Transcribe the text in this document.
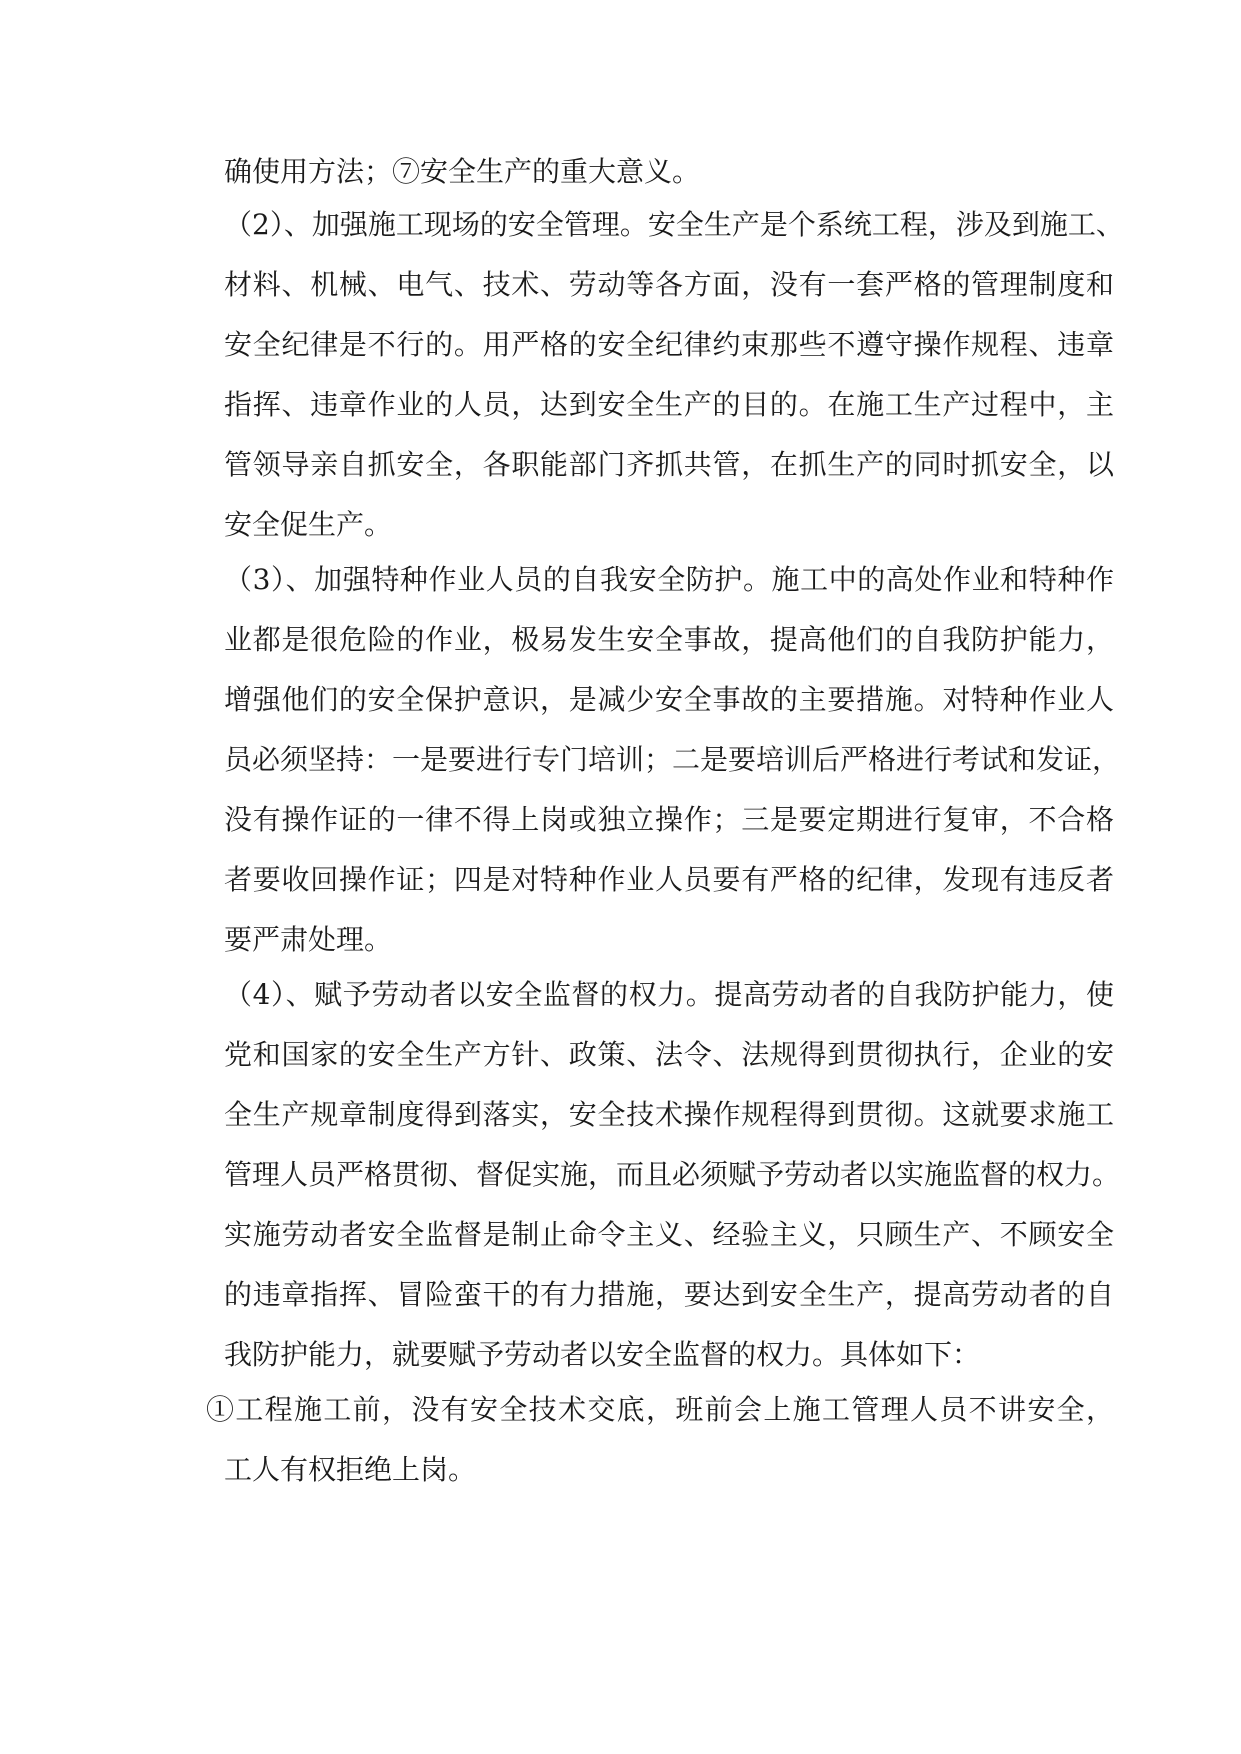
确使用方法；⑦安全生产的重大意义。
（2）、加强施工现场的安全管理。安全生产是个系统工程，涉及到施工、
材料、机械、电气、技术、劳动等各方面，没有一套严格的管理制度和
安全纪律是不行的。用严格的安全纪律约束那些不遵守操作规程、违章
指挥、违章作业的人员，达到安全生产的目的。在施工生产过程中，主
管领导亲自抓安全，各职能部门齐抓共管，在抓生产的同时抓安全，以
安全促生产。
（3）、加强特种作业人员的自我安全防护。施工中的高处作业和特种作
业都是很危险的作业，极易发生安全事故，提高他们的自我防护能力，
增强他们的安全保护意识，是减少安全事故的主要措施。对特种作业人
员必须坚持：一是要进行专门培训；二是要培训后严格进行考试和发证，
没有操作证的一律不得上岗或独立操作；三是要定期进行复审，不合格
者要收回操作证；四是对特种作业人员要有严格的纪律，发现有违反者
要严肃处理。
（4）、赋予劳动者以安全监督的权力。提高劳动者的自我防护能力，使
党和国家的安全生产方针、政策、法令、法规得到贯彻执行，企业的安
全生产规章制度得到落实，安全技术操作规程得到贯彻。这就要求施工
管理人员严格贯彻、督促实施，而且必须赋予劳动者以实施监督的权力。
实施劳动者安全监督是制止命令主义、经验主义，只顾生产、不顾安全
的违章指挥、冒险蛮干的有力措施，要达到安全生产，提高劳动者的自
我防护能力，就要赋予劳动者以安全监督的权力。具体如下：
①工程施工前，没有安全技术交底，班前会上施工管理人员不讲安全，
工人有权拒绝上岗。
